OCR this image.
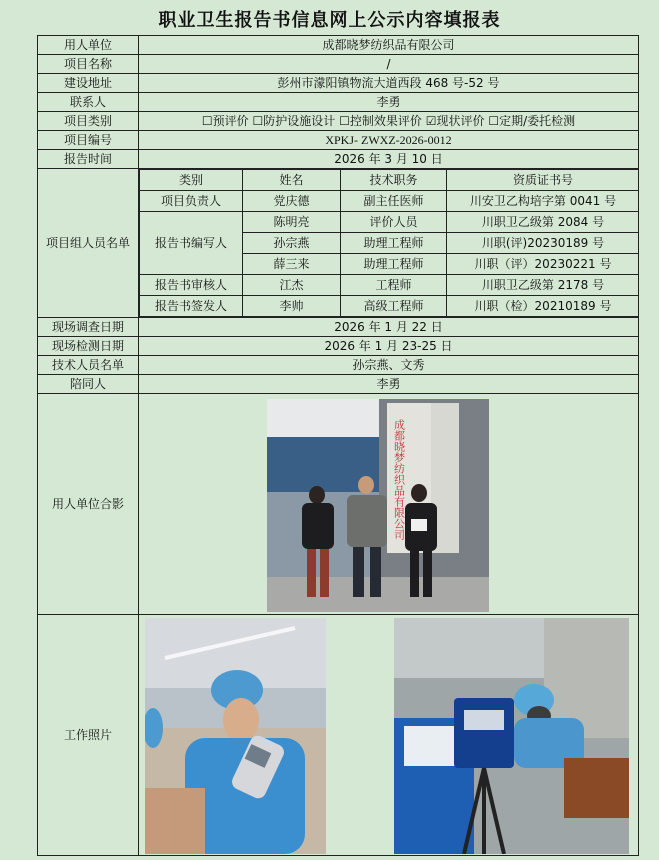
职业卫生报告书信息网上公示内容填报表
用人单位	成都晓梦纺织品有限公司
项目名称	/
建设地址	彭州市濛阳镇物流大道西段 468 号-52 号
联系人	李勇
项目类别	☐预评价 ☐防护设施设计 ☐控制效果评价 ☑现状评价 ☐定期/委托检测
项目编号	XPKJ- ZWXZ-2026-0012
报告时间	2026 年 3 月 10 日
项目组人员名单	
类别	姓名	技术职务	资质证书号
项目负责人	党庆德	副主任医师	川安卫乙构培字第 0041 号
报告书编写人	陈明亮	评价人员	川职卫乙级第 2084 号
孙宗燕	助理工程师	川职(评)20230189 号
薛三来	助理工程师	川职（评）20230221 号
报告书审核人	江杰	工程师	川职卫乙级第 2178 号
报告书签发人	李帅	高级工程师	川职（检）20210189 号

现场调查日期	2026 年 1 月 22 日
现场检测日期	2026 年 1 月 23-25 日
技术人员名单	孙宗燕、文秀
陪同人	李勇
用人单位合影	成都晓梦纺织品有限公司

工作照片	
